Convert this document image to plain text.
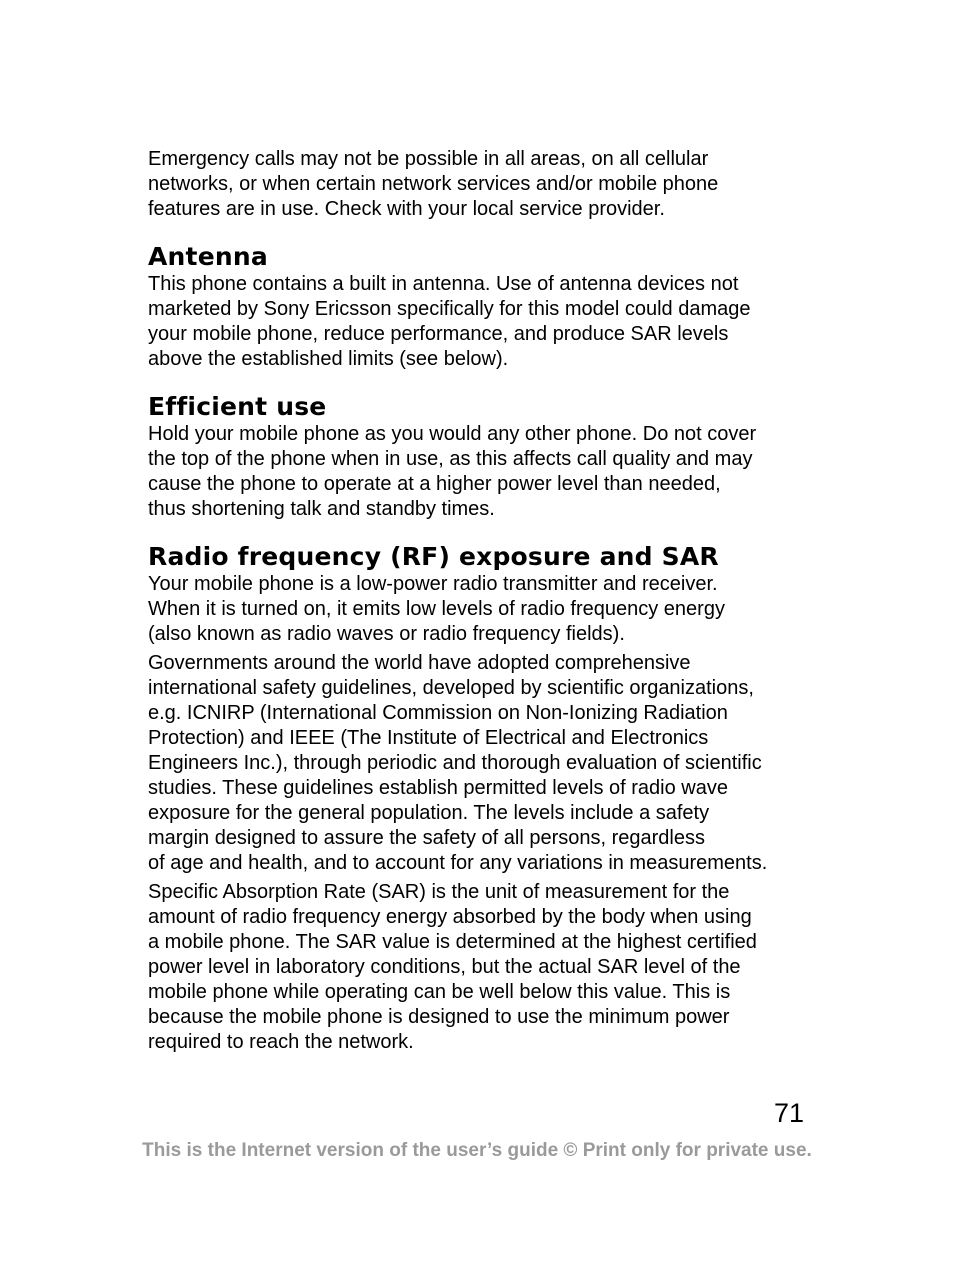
Emergency calls may not be possible in all areas, on all cellular
networks, or when certain network services and/or mobile phone
features are in use. Check with your local service provider.

Antenna

This phone contains a built in antenna. Use of antenna devices not
marketed by Sony Ericsson specifically for this model could damage
your mobile phone, reduce performance, and produce SAR levels
above the established limits (see below).

Efficient use

Hold your mobile phone as you would any other phone. Do not cover
the top of the phone when in use, as this affects call quality and may
cause the phone to operate at a higher power level than needed,
thus shortening talk and standby times.

Radio frequency (RF) exposure and SAR

Your mobile phone is a low-power radio transmitter and receiver.
When it is turned on, it emits low levels of radio frequency energy
(also known as radio waves or radio frequency fields).

Governments around the world have adopted comprehensive
international safety guidelines, developed by scientific organizations,
e.g. ICNIRP (International Commission on Non-Ionizing Radiation
Protection) and IEEE (The Institute of Electrical and Electronics
Engineers Inc.), through periodic and thorough evaluation of scientific
studies. These guidelines establish permitted levels of radio wave
exposure for the general population. The levels include a safety
margin designed to assure the safety of all persons, regardless
of age and health, and to account for any variations in measurements.

Specific Absorption Rate (SAR) is the unit of measurement for the
amount of radio frequency energy absorbed by the body when using
a mobile phone. The SAR value is determined at the highest certified
power level in laboratory conditions, but the actual SAR level of the
mobile phone while operating can be well below this value. This is
because the mobile phone is designed to use the minimum power
required to reach the network.

71
This is the Internet version of the user’s guide © Print only for private use.
